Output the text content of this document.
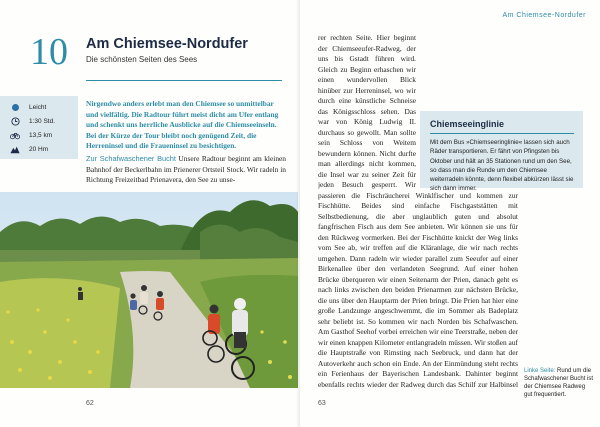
10 Am Chiemsee-Nordufer
Die schönsten Seiten des Sees
Leicht
1:30 Std.
13,5 km
20 Hm
Nirgendwo anders erlebt man den Chiemsee so unmittelbar und vielfältig. Die Radtour führt meist dicht am Ufer entlang und schenkt uns herrliche Ausblicke auf die Chiemseeinseln. Bei der Kürze der Tour bleibt noch genügend Zeit, die Herreninsel und die Fraueninsel zu besichtigen.
Zur Schafwaschener Bucht Unsere Radtour beginnt am kleinen Bahnhof der Beckerlbahn im Prienerer Ortsteil Stock. Wir radeln in Richtung Freizeitbad Prienavera, den See zu unse-
62
Am Chiemsee-Nordufer
rer rechten Seite. Hier beginnt der Chiemseeufer-Radweg, der uns bis Gstadt führen wird. Gleich zu Beginn erhaschen wir einen wundervollen Blick hinüber zur Herreninsel, wo wir durch eine künstliche Schneise das Königsschloss sehen. Das war von König Ludwig II. durchaus so gewollt. Man sollte sein Schloss von Weitem bewundern können. Nicht durfte man allerdings nicht kommen, die Insel war zu seiner Zeit für jeden Besuch gesperrt. Wir passieren die Fischräucherei Winklfischer und kommen zur Fischhütte. Beides sind einfache Fischgaststätten mit Selbstbedienung, die aber unglaublich guten und absolut fangfrischen Fisch aus dem See anbieten. Wir können sie uns für den Rückweg vormerken. Bei der Fischhütte knickt der Weg links vom See ab, wir treffen auf die Kläranlage, die wir nach rechts umgehen. Dann radeln wir wieder parallel zum Seeufer auf einer Birkenallee über den verlandeten Seegrund. Auf einer hohen Brücke überqueren wir einen Seitenarm der Prien, danach geht es nach links zwischen den beiden Prienarmen zur nächsten Brücke, die uns über den Hauptarm der Prien bringt. Die Prien hat hier eine große Landzunge angeschwemmt, die im Sommer als Badeplatz sehr beliebt ist. So kommen wir nach Norden bis Schafwaschen. Am Gasthof Seehof vorbei erreichen wir eine Teerstraße, neben der wir einen knappen Kilometer entlangradeln müssen. Wir stoßen auf die Hauptstraße von Rimsting nach Seebruck, und dann hat der Autoverkehr auch schon ein Ende. An der Einmündung steht rechts ein Ferienhaus der Bayerischen Landesbank. Dahinter beginnt ebenfalls rechts wieder der Radweg durch das Schilf zur Halbinsel
Chiemseeinglinie
Mit dem Bus »Chiemseeringlinie« lassen sich auch Räder transportieren. Er fährt von Pfingsten bis Oktober und hält an 35 Stationen rund um den See, so dass man die Runde um den Chiemsee weiterradeln könnte, denn flexibel abkürzen lässt sie sich dann immer.
Linke Seite: Rund um die Schafwaschener Bucht ist der Chiemsee Radweg gut frequentiert.
63
